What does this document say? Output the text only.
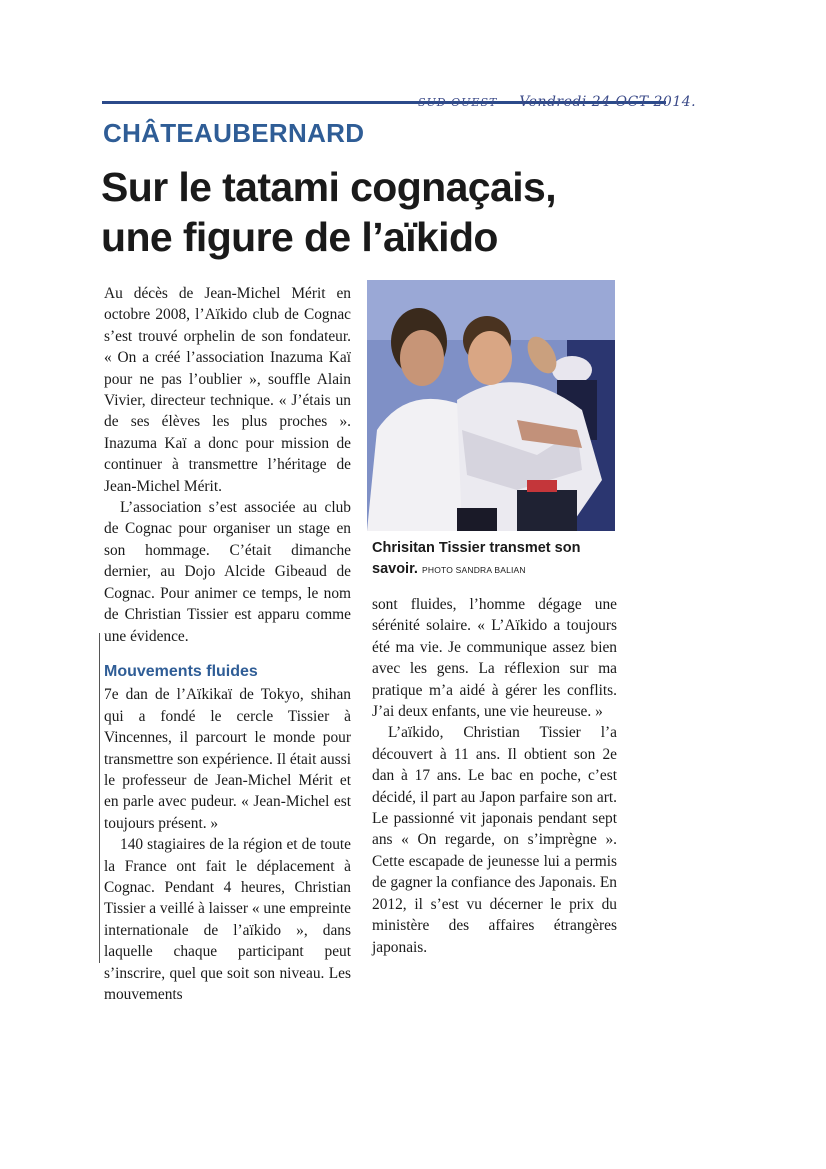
SUD OUEST Vendredi 24 OCT 2014.
CHÂTEAUBERNARD
Sur le tatami cognaçais,
une figure de l’aïkido

Au décès de Jean-Michel Mérit en octobre 2008, l’Aïkido club de Cognac s’est trouvé orphelin de son fondateur. « On a créé l’association Inazuma Kaï pour ne pas l’oublier », souffle Alain Vivier, directeur technique. « J’étais un de ses élèves les plus proches ». Inazuma Kaï a donc pour mission de continuer à transmettre l’héritage de Jean-Michel Mérit.

L’association s’est associée au club de Cognac pour organiser un stage en son hommage. C’était dimanche dernier, au Dojo Alcide Gibeaud de Cognac. Pour animer ce temps, le nom de Christian Tissier est apparu comme une évidence.

Mouvements fluides

7e dan de l’Aïkikaï de Tokyo, shihan qui a fondé le cercle Tissier à Vincennes, il parcourt le monde pour transmettre son expérience. Il était aussi le professeur de Jean-Michel Mérit et en parle avec pudeur. « Jean-Michel est toujours présent. »

140 stagiaires de la région et de toute la France ont fait le déplacement à Cognac. Pendant 4 heures, Christian Tissier a veillé à laisser « une empreinte internationale de l’aïkido », dans laquelle chaque participant peut s’inscrire, quel que soit son niveau. Les mouvements

Chrisitan Tissier transmet son savoir. PHOTO SANDRA BALIAN

sont fluides, l’homme dégage une sérénité solaire. « L’Aïkido a toujours été ma vie. Je communique assez bien avec les gens. La réflexion sur ma pratique m’a aidé à gérer les conflits. J’ai deux enfants, une vie heureuse. »

L’aïkido, Christian Tissier l’a découvert à 11 ans. Il obtient son 2e dan à 17 ans. Le bac en poche, c’est décidé, il part au Japon parfaire son art. Le passionné vit japonais pendant sept ans « On regarde, on s’imprègne ». Cette escapade de jeunesse lui a permis de gagner la confiance des Japonais. En 2012, il s’est vu décerner le prix du ministère des affaires étrangères japonais.
